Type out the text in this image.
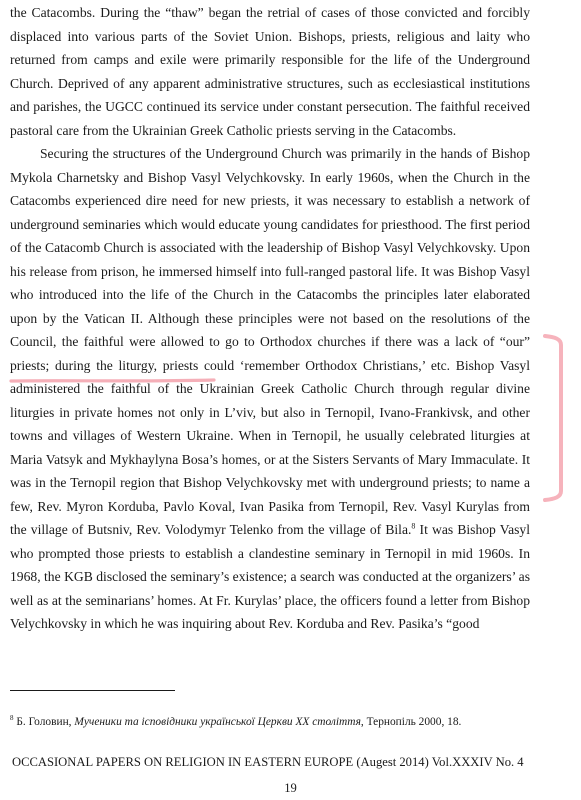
the Catacombs. During the “thaw” began the retrial of cases of those convicted and forcibly displaced into various parts of the Soviet Union. Bishops, priests, religious and laity who returned from camps and exile were primarily responsible for the life of the Underground Church. Deprived of any apparent administrative structures, such as ecclesiastical institutions and parishes, the UGCC continued its service under constant persecution. The faithful received pastoral care from the Ukrainian Greek Catholic priests serving in the Catacombs.

Securing the structures of the Underground Church was primarily in the hands of Bishop Mykola Charnetsky and Bishop Vasyl Velychkovsky. In early 1960s, when the Church in the Catacombs experienced dire need for new priests, it was necessary to establish a network of underground seminaries which would educate young candidates for priesthood. The first period of the Catacomb Church is associated with the leadership of Bishop Vasyl Velychkovsky. Upon his release from prison, he immersed himself into full-ranged pastoral life. It was Bishop Vasyl who introduced into the life of the Church in the Catacombs the principles later elaborated upon by the Vatican II. Although these principles were not based on the resolutions of the Council, the faithful were allowed to go to Orthodox churches if there was a lack of “our” priests; during the liturgy, priests could ‘remember Orthodox Christians,’ etc. Bishop Vasyl administered the faithful of the Ukrainian Greek Catholic Church through regular divine liturgies in private homes not only in L’viv, but also in Ternopil, Ivano-Frankivsk, and other towns and villages of Western Ukraine. When in Ternopil, he usually celebrated liturgies at Maria Vatsyk and Mykhaylyna Bosa’s homes, or at the Sisters Servants of Mary Immaculate. It was in the Ternopil region that Bishop Velychkovsky met with underground priests; to name a few, Rev. Myron Korduba, Pavlo Koval, Ivan Pasika from Ternopil, Rev. Vasyl Kurylas from the village of Butsniv, Rev. Volodymyr Telenko from the village of Bila.$^8$ It was Bishop Vasyl who prompted those priests to establish a clandestine seminary in Ternopil in mid 1960s. In 1968, the KGB disclosed the seminary’s existence; a search was conducted at the organizers’ as well as at the seminarians’ homes. At Fr. Kurylas’ place, the officers found a letter from Bishop Velychkovsky in which he was inquiring about Rev. Korduba and Rev. Pasika’s “good

$^8$ Б. Головин, Мученики та ісповідники української Церкви ХХ століття, Тернопіль 2000, 18.
OCCASIONAL PAPERS ON RELIGION IN EASTERN EUROPE (Augest 2014) Vol.XXXIV No. 4
19
